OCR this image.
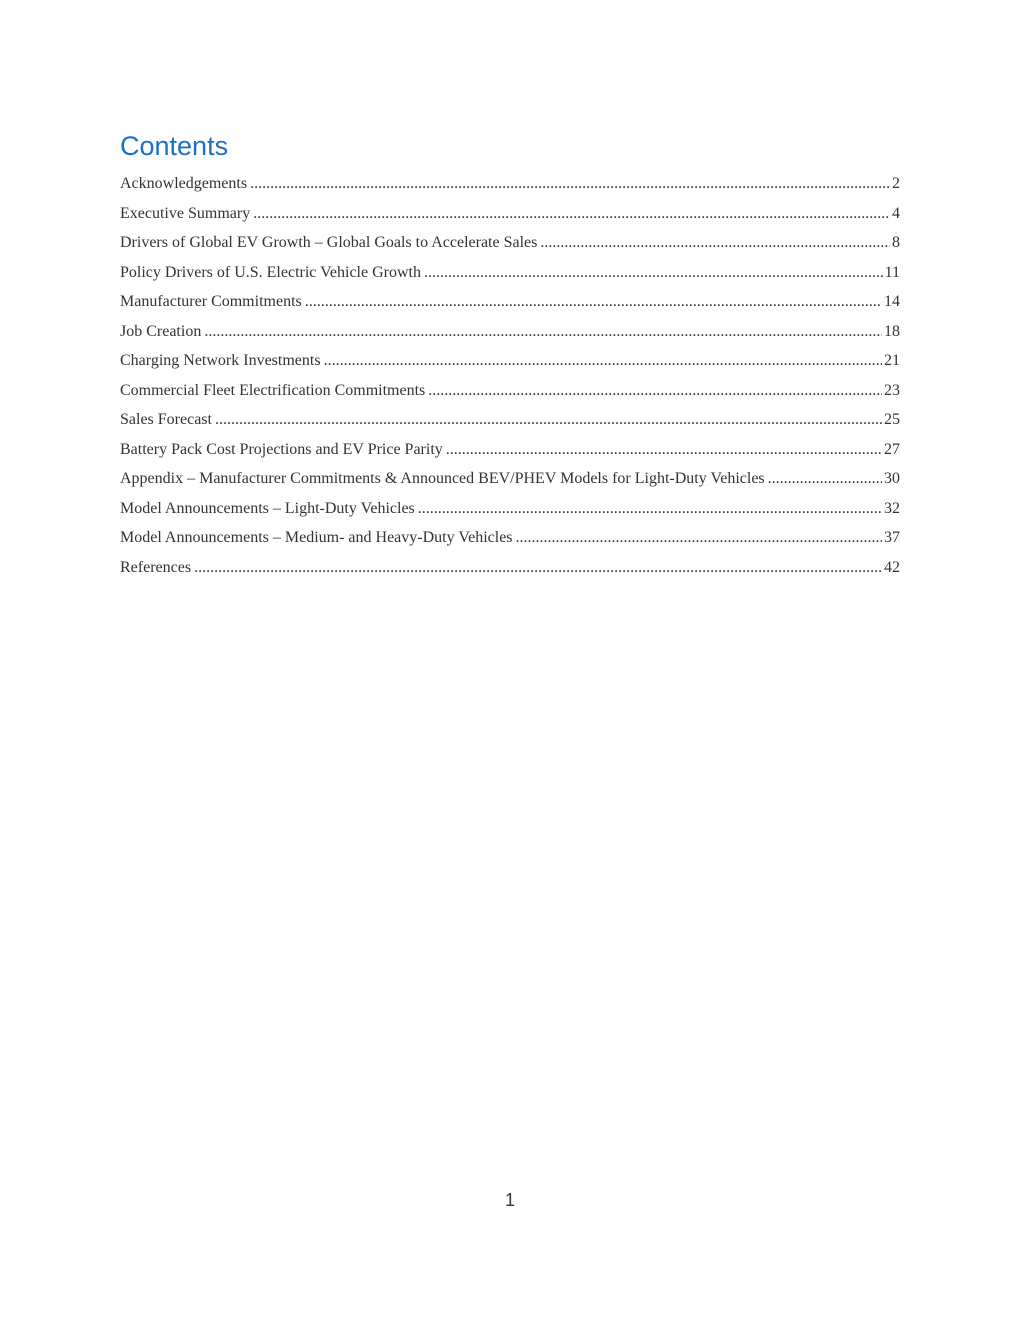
Contents
Acknowledgements .....	2
Executive Summary .....	4
Drivers of Global EV Growth – Global Goals to Accelerate Sales .....	8
Policy Drivers of U.S. Electric Vehicle Growth .....	11
Manufacturer Commitments .....	14
Job Creation .....	18
Charging Network Investments .....	21
Commercial Fleet Electrification Commitments .....	23
Sales Forecast .....	25
Battery Pack Cost Projections and EV Price Parity .....	27
Appendix – Manufacturer Commitments & Announced BEV/PHEV Models for Light-Duty Vehicles .....	30
Model Announcements – Light-Duty Vehicles .....	32
Model Announcements – Medium- and Heavy-Duty Vehicles .....	37
References .....	42
1
